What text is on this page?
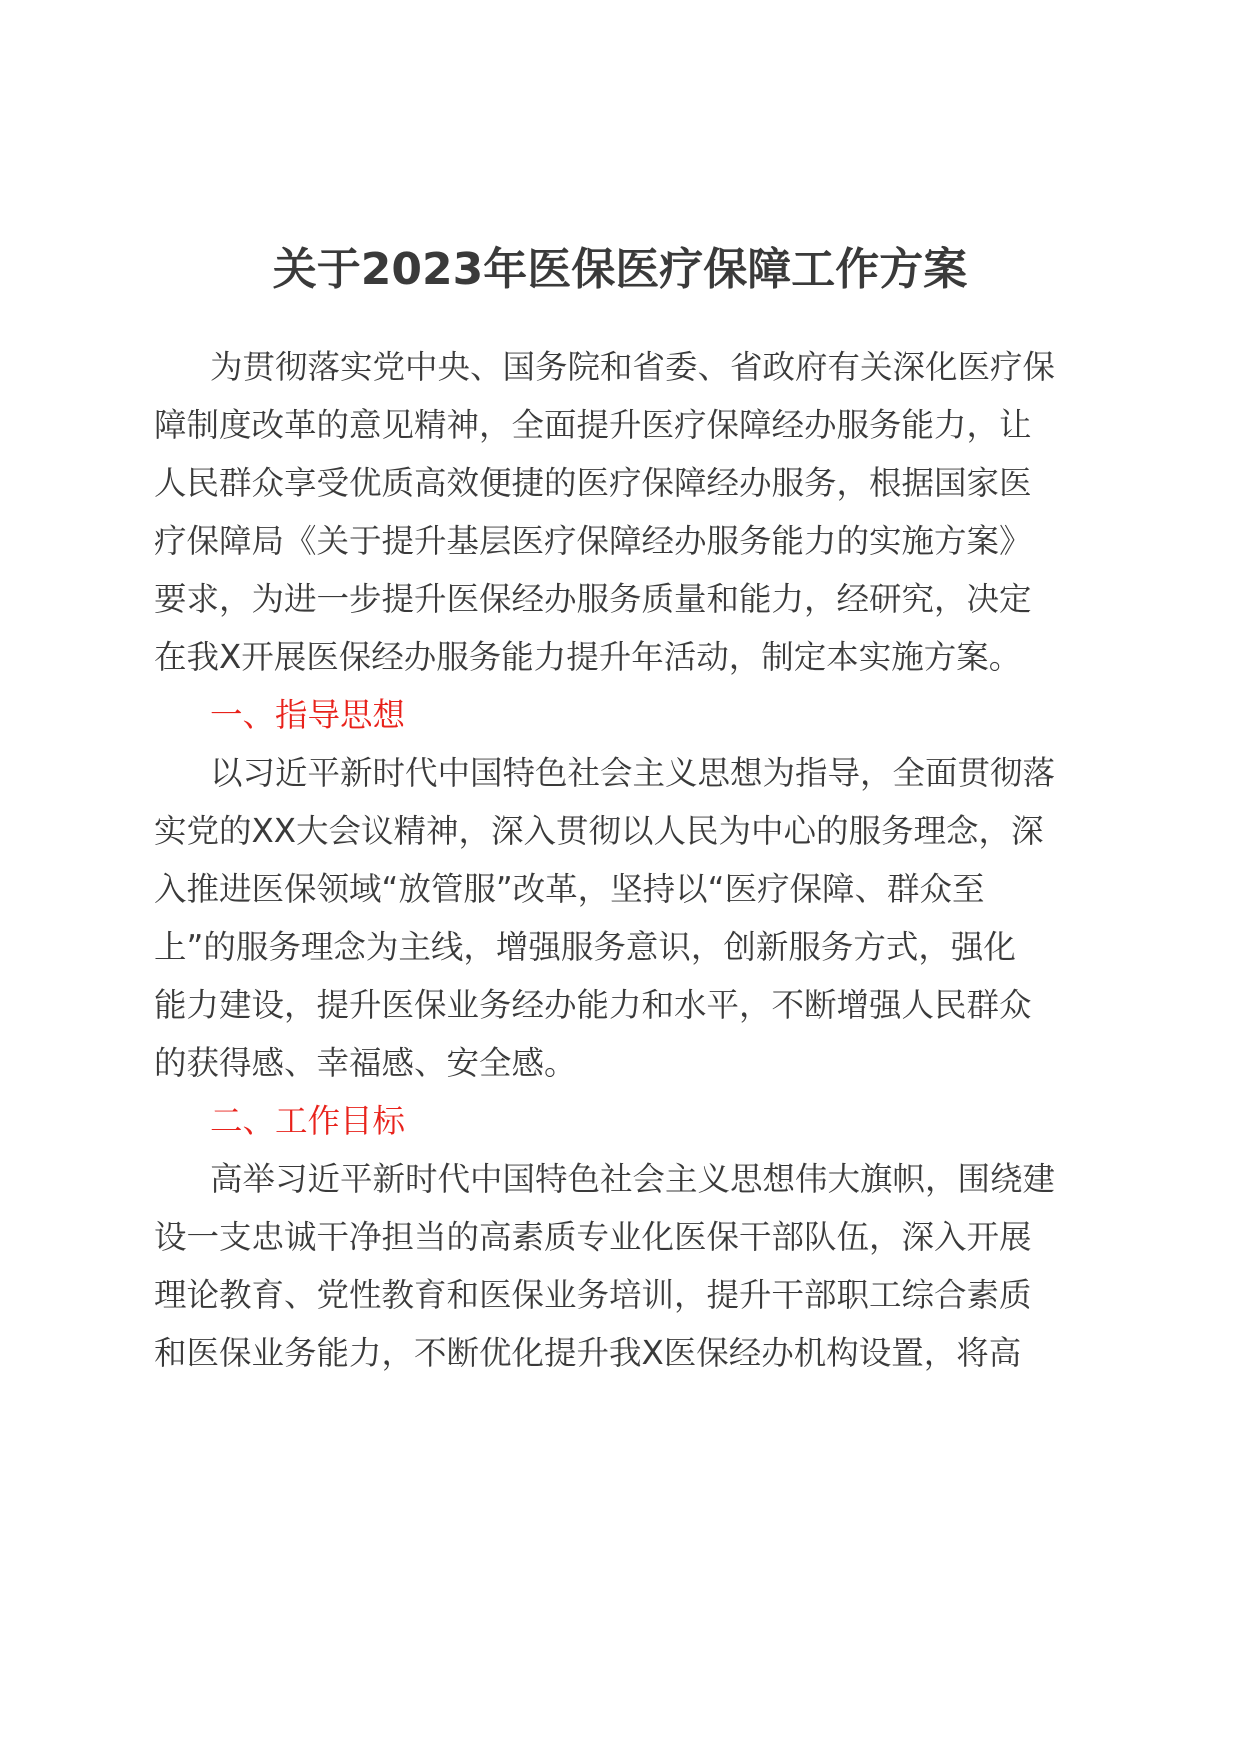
关于2023年医保医疗保障工作方案

为贯彻落实党中央、国务院和省委、省政府有关深化医疗保

障制度改革的意见精神，全面提升医疗保障经办服务能力，让

人民群众享受优质高效便捷的医疗保障经办服务，根据国家医

疗保障局《关于提升基层医疗保障经办服务能力的实施方案》

要求，为进一步提升医保经办服务质量和能力，经研究，决定

在我X开展医保经办服务能力提升年活动，制定本实施方案。

一、指导思想

以习近平新时代中国特色社会主义思想为指导，全面贯彻落

实党的XX大会议精神，深入贯彻以人民为中心的服务理念，深

入推进医保领域“放管服”改革，坚持以“医疗保障、群众至

上”的服务理念为主线，增强服务意识，创新服务方式，强化

能力建设，提升医保业务经办能力和水平，不断增强人民群众

的获得感、幸福感、安全感。

二、工作目标

高举习近平新时代中国特色社会主义思想伟大旗帜，围绕建

设一支忠诚干净担当的高素质专业化医保干部队伍，深入开展

理论教育、党性教育和医保业务培训，提升干部职工综合素质

和医保业务能力，不断优化提升我X医保经办机构设置，将高
